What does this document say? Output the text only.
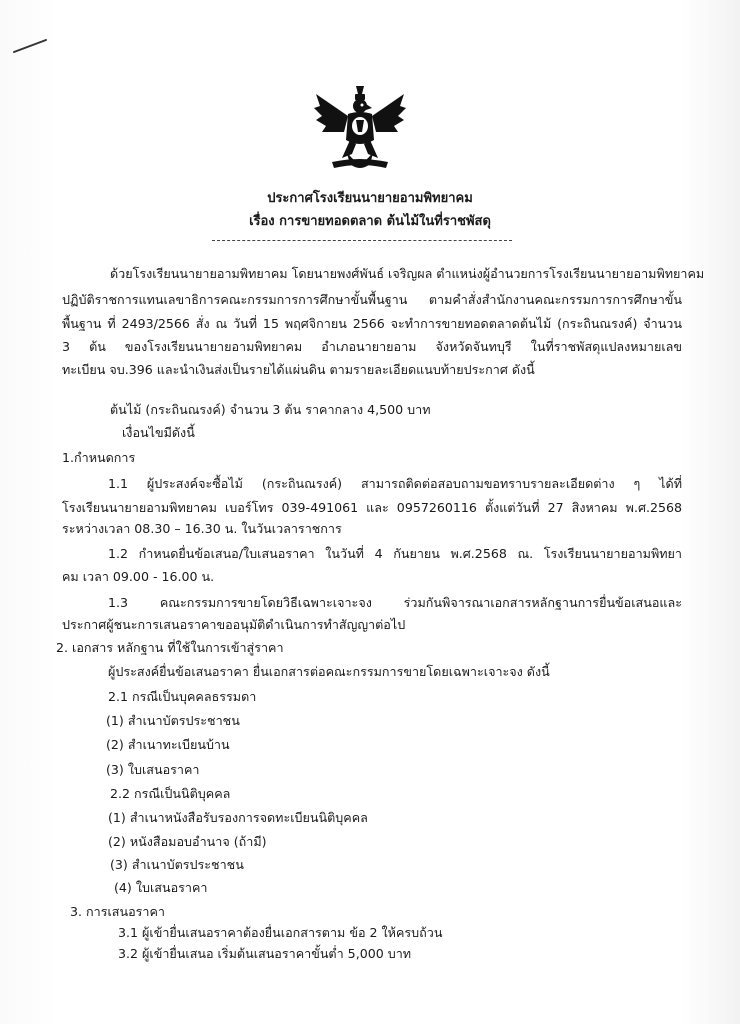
ประกาศโรงเรียนนายายอามพิทยาคม
เรื่อง การขายทอดตลาด ต้นไม้ในที่ราชพัสดุ
ด้วยโรงเรียนนายายอามพิทยาคม โดยนายพงศ์พันธ์ เจริญผล ตำแหน่งผู้อำนวยการโรงเรียนนายายอามพิทยาคม
ปฏิบัติราชการแทนเลขาธิการคณะกรรมการการศึกษาขั้นพื้นฐาน ตามคำสั่งสำนักงานคณะกรรมการการศึกษาขั้น
พื้นฐาน ที่ 2493/2566 สั่ง ณ วันที่ 15 พฤศจิกายน 2566 จะทำการขายทอดตลาดต้นไม้ (กระถินณรงค์) จำนวน
3 ต้น ของโรงเรียนนายายอามพิทยาคม อำเภอนายายอาม จังหวัดจันทบุรี ในที่ราชพัสดุแปลงหมายเลข
ทะเบียน จบ.396 และนำเงินส่งเป็นรายได้แผ่นดิน ตามรายละเอียดแนบท้ายประกาศ ดังนี้
ต้นไม้ (กระถินณรงค์) จำนวน 3 ต้น ราคากลาง 4,500 บาท
เงื่อนไขมีดังนี้
1.กำหนดการ
1.1 ผู้ประสงค์จะซื้อไม้ (กระถินณรงค์) สามารถติดต่อสอบถามขอทราบรายละเอียดต่าง ๆ ได้ที่
โรงเรียนนายายอามพิทยาคม เบอร์โทร 039-491061 และ 0957260116 ตั้งแต่วันที่ 27 สิงหาคม พ.ศ.2568
ระหว่างเวลา 08.30 – 16.30 น. ในวันเวลาราชการ
1.2 กำหนดยื่นข้อเสนอ/ใบเสนอราคา ในวันที่ 4 กันยายน พ.ศ.2568 ณ. โรงเรียนนายายอามพิทยา
คม เวลา 09.00 - 16.00 น.
1.3 คณะกรรมการขายโดยวิธีเฉพาะเจาะจง ร่วมกันพิจารณาเอกสารหลักฐานการยื่นข้อเสนอและ
ประกาศผู้ชนะการเสนอราคาขออนุมัติดำเนินการทำสัญญาต่อไป
2. เอกสาร หลักฐาน ที่ใช้ในการเข้าสู่ราคา
ผู้ประสงค์ยื่นข้อเสนอราคา ยื่นเอกสารต่อคณะกรรมการขายโดยเฉพาะเจาะจง ดังนี้
2.1 กรณีเป็นบุคคลธรรมดา
(1) สำเนาบัตรประชาชน
(2) สำเนาทะเบียนบ้าน
(3) ใบเสนอราคา
2.2 กรณีเป็นนิติบุคคล
(1) สำเนาหนังสือรับรองการจดทะเบียนนิติบุคคล
(2) หนังสือมอบอำนาจ (ถ้ามี)
(3) สำเนาบัตรประชาชน
(4) ใบเสนอราคา
3. การเสนอราคา
3.1 ผู้เข้ายื่นเสนอราคาต้องยื่นเอกสารตาม ข้อ 2 ให้ครบถ้วน
3.2 ผู้เข้ายื่นเสนอ เริ่มต้นเสนอราคาขั้นต่ำ 5,000 บาท
